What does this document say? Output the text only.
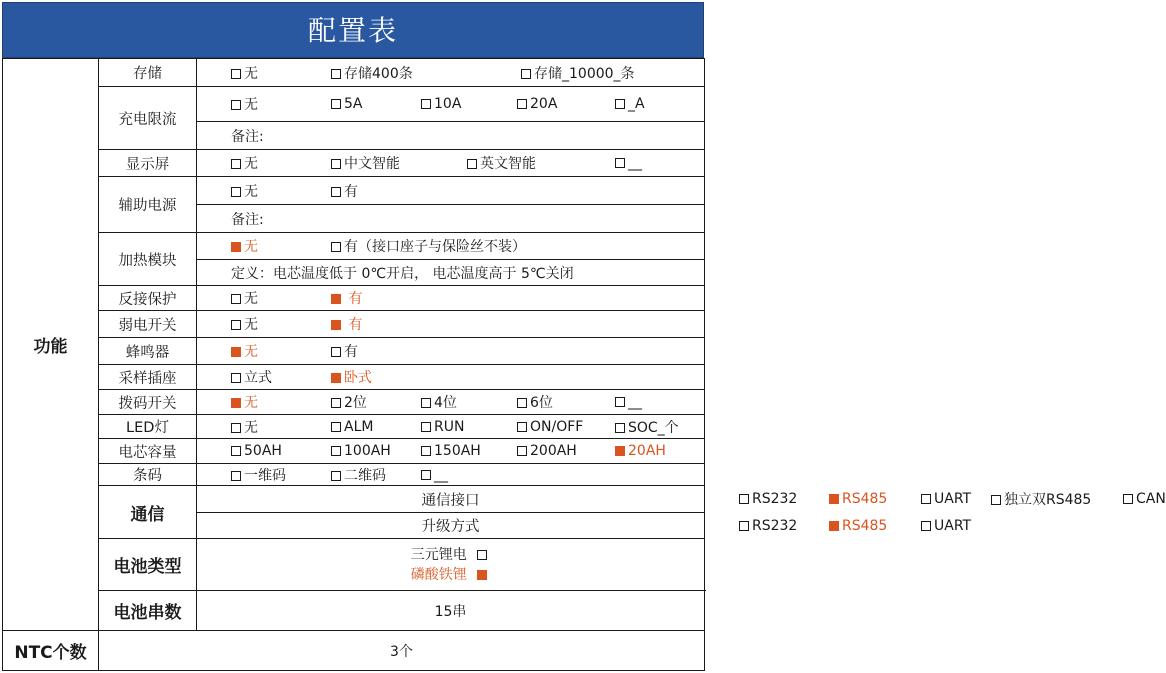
配置表
功能	存储	无 存储400条 存储_10000_条	

	充电限流	无 5A 10A 20A _A	

		备注:	
	显示屏	无 中文智能 英文智能 __	

	辅助电源	无 有	

		备注:	
	加热模块	无 有（接口座子与保险丝不装）	

		定义：电芯温度低于 0℃开启， 电芯温度高于 5℃关闭	
	反接保护	无 有	

	弱电开关	无 有	

	蜂鸣器	无 有	

	采样插座	立式 卧式	

	拨码开关	无 2位 4位 6位 __	

	LED灯	无 ALM RUN ON/OFF SOC_个	

	电芯容量	50AH 100AH 150AH 200AH 20AH	

	条码	一维码 二维码 __	

	通信	通信接口	RS232 RS485 UART 独立双RS485 CAN

		升级方式	RS232 RS485 UART

	电池类型	三元锂电
磷酸铁锂	

	电池串数	15串	
NTC个数	3个		
